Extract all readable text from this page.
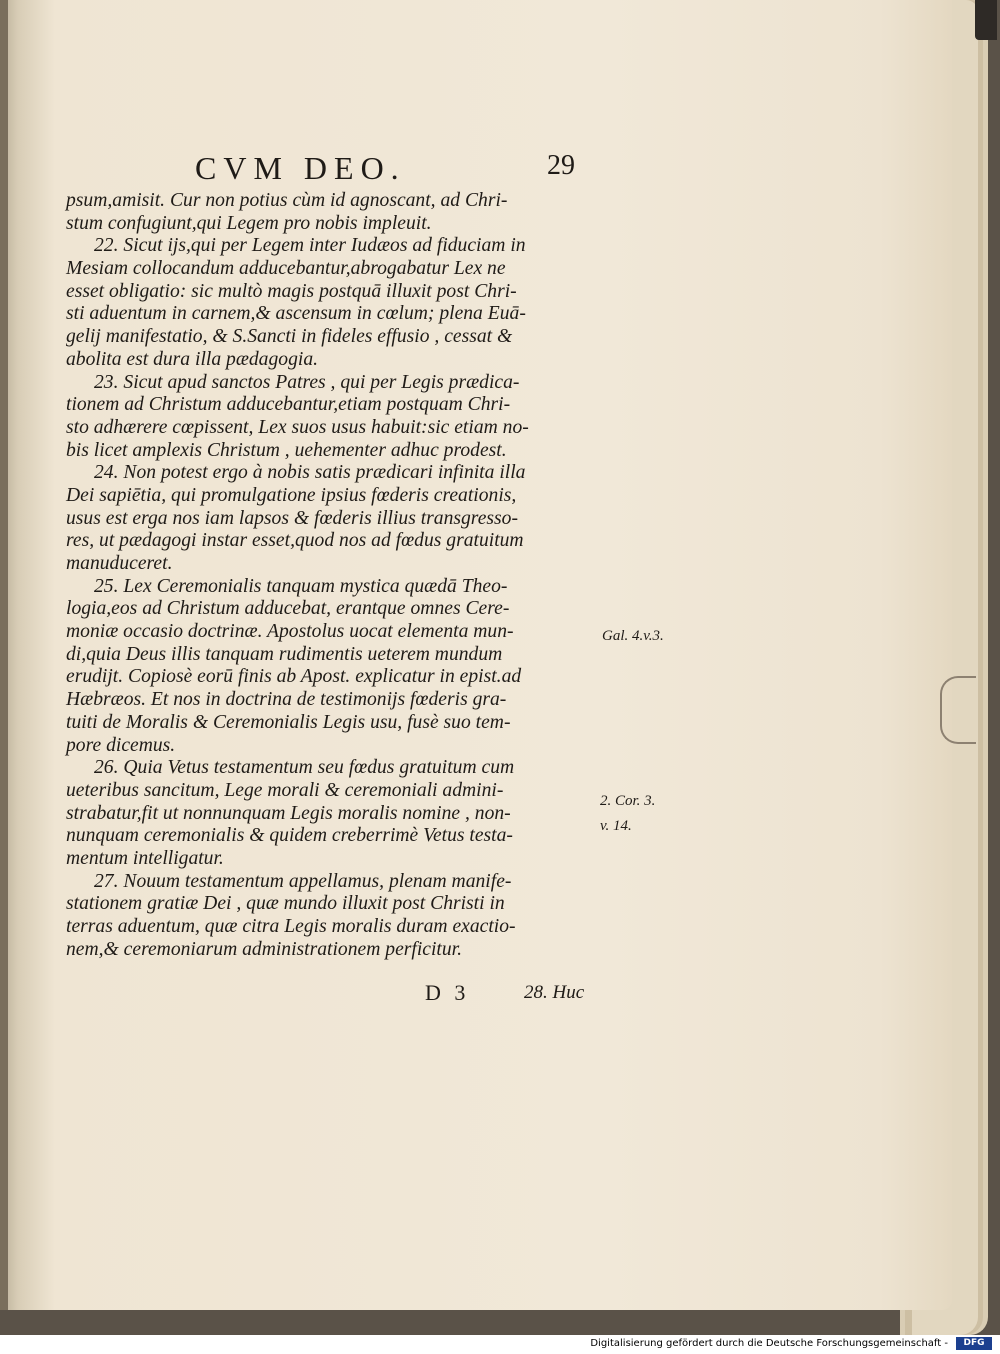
CVM DEO.	29
psum,amisit. Cur non potius cùm id agnoscant, ad Chri-
stum confugiunt,qui Legem pro nobis impleuit.
22. Sicut ijs,qui per Legem inter Iudæos ad fiduciam in
Mesiam collocandum adducebantur,abrogabatur Lex ne
esset obligatio: sic multò magis postquā illuxit post Chri-
sti aduentum in carnem,& ascensum in cœlum; plena Euā-
gelij manifestatio, & S.Sancti in fideles effusio , cessat &
abolita est dura illa pædagogia.
23. Sicut apud sanctos Patres , qui per Legis prædica-
tionem ad Christum adducebantur,etiam postquam Chri-
sto adhærere cœpissent, Lex suos usus habuit:sic etiam no-
bis licet amplexis Christum , uehementer adhuc prodest.
24. Non potest ergo à nobis satis prædicari infinita illa
Dei sapiētia, qui promulgatione ipsius fœderis creationis,
usus est erga nos iam lapsos & fœderis illius transgresso-
res, ut pædagogi instar esset,quod nos ad fœdus gratuitum
manuduceret.
25. Lex Ceremonialis tanquam mystica quædā Theo-
logia,eos ad Christum adducebat, erantque omnes Cere-
moniæ occasio doctrinæ. Apostolus uocat elementa mun-
di,quia Deus illis tanquam rudimentis ueterem mundum
erudijt. Copiosè eorū finis ab Apost. explicatur in epist.ad
Hæbræos. Et nos in doctrina de testimonijs fœderis gra-
tuiti de Moralis & Ceremonialis Legis usu, fusè suo tem-
pore dicemus.
26. Quia Vetus testamentum seu fœdus gratuitum cum
ueteribus sancitum, Lege morali & ceremoniali admini-
strabatur,fit ut nonnunquam Legis moralis nomine , non-
nunquam ceremonialis & quidem creberrimè Vetus testa-
mentum intelligatur.
27. Nouum testamentum appellamus, plenam manife-
stationem gratiæ Dei , quæ mundo illuxit post Christi in
terras aduentum, quæ citra Legis moralis duram exactio-
nem,& ceremoniarum administrationem perficitur.
Gal. 4.v.3.
2. Cor. 3.
v. 14.
D 3	28. Huc
Digitalisierung gefördert durch die Deutsche Forschungsgemeinschaft -	DFG
